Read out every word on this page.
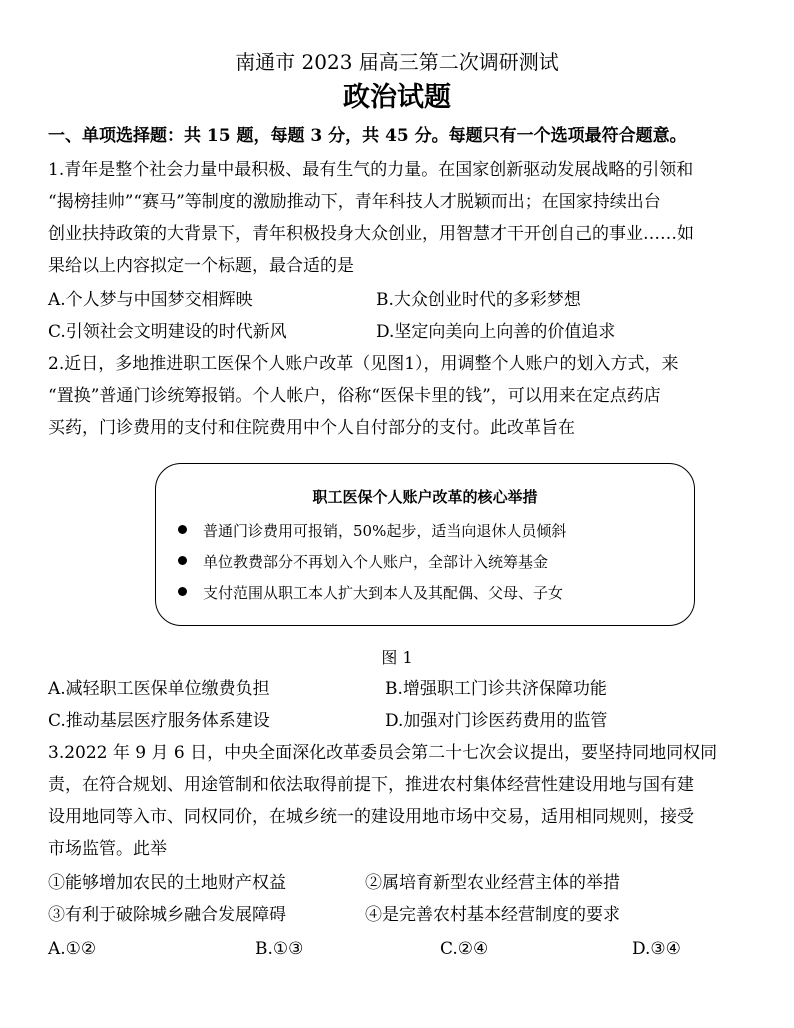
南通市 2023 届高三第二次调研测试
政治试题
一、单项选择题：共 15 题，每题 3 分，共 45 分。每题只有一个选项最符合题意。
1.青年是整个社会力量中最积极、最有生气的力量。在国家创新驱动发展战略的引领和
“揭榜挂帅”“赛马”等制度的激励推动下，青年科技人才脱颖而出；在国家持续出台
创业扶持政策的大背景下，青年积极投身大众创业，用智慧才干开创自己的事业……如
果给以上内容拟定一个标题，最合适的是
A.个人梦与中国梦交相辉映	B.大众创业时代的多彩梦想
C.引领社会文明建设的时代新风	D.坚定向美向上向善的价值追求
2.近日，多地推进职工医保个人账户改革（见图1），用调整个人账户的划入方式，来
“置换”普通门诊统筹报销。个人帐户，俗称“医保卡里的钱”，可以用来在定点药店
买药，门诊费用的支付和住院费用中个人自付部分的支付。此改革旨在
职工医保个人账户改革的核心举措
普通门诊费用可报销，50%起步，适当向退休人员倾斜
单位教费部分不再划入个人账户，全部计入统筹基金
支付范围从职工本人扩大到本人及其配偶、父母、子女
图 1
A.减轻职工医保单位缴费负担	B.增强职工门诊共济保障功能
C.推动基层医疗服务体系建设	D.加强对门诊医药费用的监管
3.2022 年 9 月 6 日，中央全面深化改革委员会第二十七次会议提出，要坚持同地同权同
责，在符合规划、用途管制和依法取得前提下，推进农村集体经营性建设用地与国有建
设用地同等入市、同权同价，在城乡统一的建设用地市场中交易，适用相同规则，接受
市场监管。此举
①能够增加农民的土地财产权益	②属培育新型农业经营主体的举措
③有利于破除城乡融合发展障碍	④是完善农村基本经营制度的要求
A.①②	B.①③	C.②④	D.③④
